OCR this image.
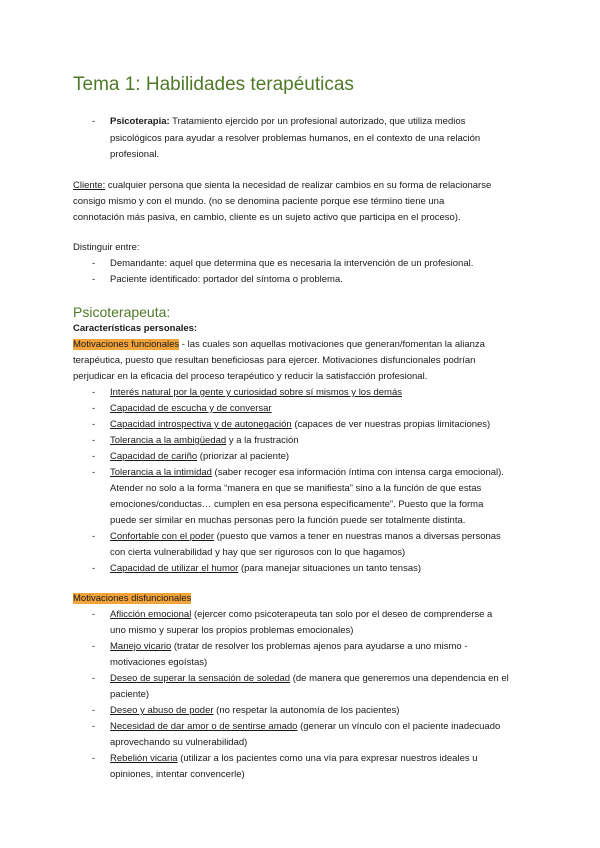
Tema 1: Habilidades terapéuticas
- Psicoterapia: Tratamiento ejercido por un profesional autorizado, que utiliza medios
psicológicos para ayudar a resolver problemas humanos, en el contexto de una relación
profesional.
Cliente: cualquier persona que sienta la necesidad de realizar cambios en su forma de relacionarse
consigo mismo y con el mundo. (no se denomina paciente porque ese término tiene una
connotación más pasiva, en cambio, cliente es un sujeto activo que participa en el proceso).
Distinguir entre:
- Demandante: aquel que determina que es necesaria la intervención de un profesional.
- Paciente identificado: portador del síntoma o problema.
Psicoterapeuta:
Características personales:
Motivaciones funcionales - las cuales son aquellas motivaciones que generan/fomentan la alianza
terapéutica, puesto que resultan beneficiosas para ejercer. Motivaciones disfuncionales podrían
perjudicar en la eficacia del proceso terapéutico y reducir la satisfacción profesional.
- Interés natural por la gente y curiosidad sobre sí mismos y los demás
- Capacidad de escucha y de conversar
- Capacidad introspectiva y de autonegación (capaces de ver nuestras propias limitaciones)
- Tolerancia a la ambigüedad y a la frustración
- Capacidad de cariño (priorizar al paciente)
- Tolerancia a la intimidad (saber recoger esa información íntima con intensa carga emocional).
Atender no solo a la forma “manera en que se manifiesta” sino a la función de que estas
emociones/conductas… cumplen en esa persona específicamente”. Puesto que la forma
puede ser similar en muchas personas pero la función puede ser totalmente distinta.
- Confortable con el poder (puesto que vamos a tener en nuestras manos a diversas personas
con cierta vulnerabilidad y hay que ser rigurosos con lo que hagamos)
- Capacidad de utilizar el humor (para manejar situaciones un tanto tensas)
Motivaciones disfuncionales
- Aflicción emocional (ejercer como psicoterapeuta tan solo por el deseo de comprenderse a
uno mismo y superar los propios problemas emocionales)
- Manejo vicario (tratar de resolver los problemas ajenos para ayudarse a uno mismo -
motivaciones egoístas)
- Deseo de superar la sensación de soledad (de manera que generemos una dependencia en el
paciente)
- Deseo y abuso de poder (no respetar la autonomía de los pacientes)
- Necesidad de dar amor o de sentirse amado (generar un vínculo con el paciente inadecuado
aprovechando su vulnerabilidad)
- Rebelión vicaria (utilizar a los pacientes como una vía para expresar nuestros ideales u
opiniones, intentar convencerle)
